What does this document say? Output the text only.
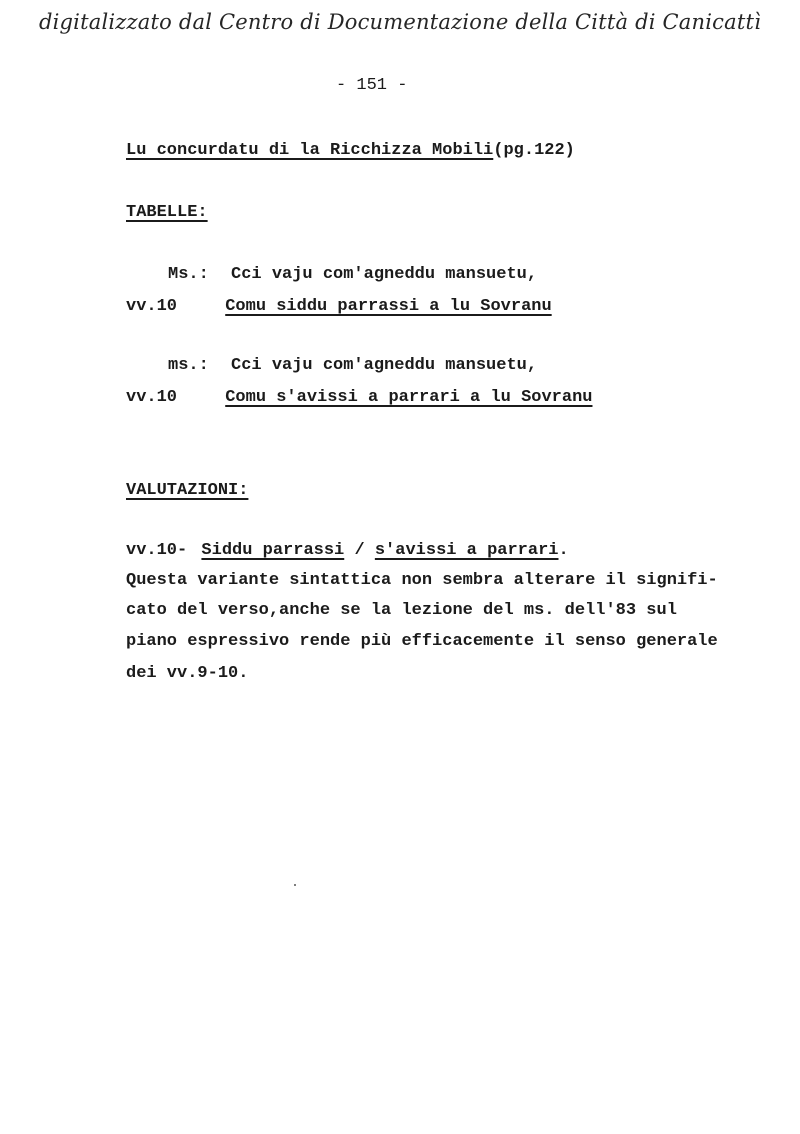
digitalizzato dal Centro di Documentazione della Città di Canicattì
- 151 -
Lu concurdatu di la Ricchizza Mobili(pg.122)
TABELLE:
Ms.: Cci vaju com'agneddu mansuetu,
vv.10	Comu siddu parrassi a lu Sovranu
ms.: Cci vaju com'agneddu mansuetu,
vv.10	Comu s'avissi a parrari a lu Sovranu
VALUTAZIONI:
vv.10- Siddu parrassi / s'avissi a parrari.
Questa variante sintattica non sembra alterare il signifi-
cato del verso,anche se la lezione del ms. dell'83 sul
piano espressivo rende più efficacemente il senso generale
dei vv.9-10.
